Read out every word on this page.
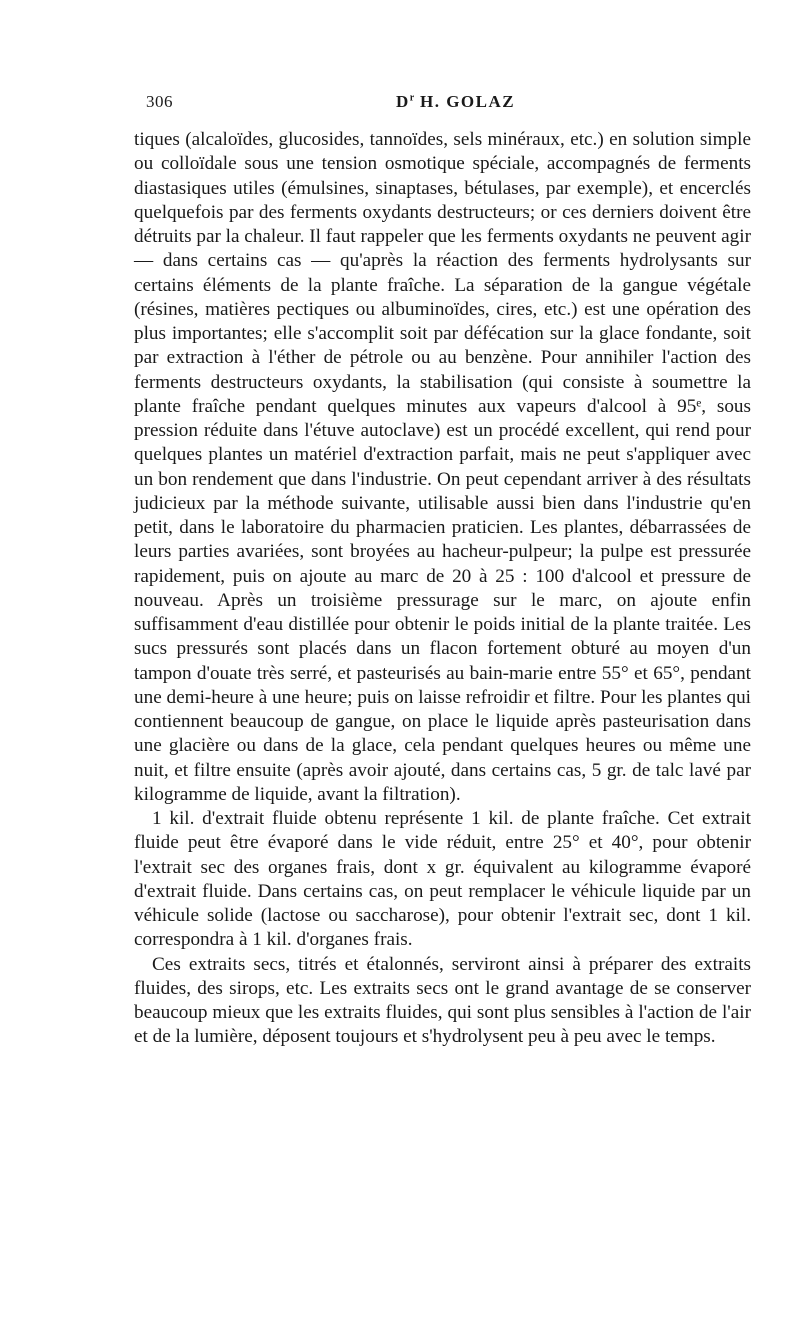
306	$D^r$ H. GOLAZ

tiques (alcaloïdes, glucosides, tannoïdes, sels minéraux, etc.) en solution simple ou colloïdale sous une tension osmotique spéciale, accompagnés de ferments diastasiques utiles (émulsines, sinaptases, bétulases, par exemple), et encerclés quelquefois par des ferments oxydants destructeurs; or ces derniers doivent être détruits par la chaleur. Il faut rappeler que les ferments oxydants ne peuvent agir — dans certains cas — qu'après la réaction des ferments hydrolysants sur certains éléments de la plante fraîche. La séparation de la gangue végétale (résines, matières pectiques ou albuminoïdes, cires, etc.) est une opération des plus importantes; elle s'accomplit soit par défécation sur la glace fondante, soit par extraction à l'éther de pétrole ou au benzène. Pour annihiler l'action des ferments destructeurs oxydants, la stabilisation (qui consiste à soumettre la plante fraîche pendant quelques minutes aux vapeurs d'alcool à 95ᵉ, sous pression réduite dans l'étuve autoclave) est un procédé excellent, qui rend pour quelques plantes un matériel d'extraction parfait, mais ne peut s'appliquer avec un bon rendement que dans l'industrie. On peut cependant arriver à des résultats judicieux par la méthode suivante, utilisable aussi bien dans l'industrie qu'en petit, dans le laboratoire du pharmacien praticien. Les plantes, débarrassées de leurs parties avariées, sont broyées au hacheur-pulpeur; la pulpe est pressurée rapidement, puis on ajoute au marc de 20 à 25 : 100 d'alcool et pressure de nouveau. Après un troisième pressurage sur le marc, on ajoute enfin suffisamment d'eau distillée pour obtenir le poids initial de la plante traitée. Les sucs pressurés sont placés dans un flacon fortement obturé au moyen d'un tampon d'ouate très serré, et pasteurisés au bain-marie entre 55° et 65°, pendant une demi-heure à une heure; puis on laisse refroidir et filtre. Pour les plantes qui contiennent beaucoup de gangue, on place le liquide après pasteurisation dans une glacière ou dans de la glace, cela pendant quelques heures ou même une nuit, et filtre ensuite (après avoir ajouté, dans certains cas, 5 gr. de talc lavé par kilogramme de liquide, avant la filtration).

1 kil. d'extrait fluide obtenu représente 1 kil. de plante fraîche. Cet extrait fluide peut être évaporé dans le vide réduit, entre 25° et 40°, pour obtenir l'extrait sec des organes frais, dont x gr. équivalent au kilogramme évaporé d'extrait fluide. Dans certains cas, on peut remplacer le véhicule liquide par un véhicule solide (lactose ou saccharose), pour obtenir l'extrait sec, dont 1 kil. correspondra à 1 kil. d'organes frais.

Ces extraits secs, titrés et étalonnés, serviront ainsi à préparer des extraits fluides, des sirops, etc. Les extraits secs ont le grand avantage de se conserver beaucoup mieux que les extraits fluides, qui sont plus sensibles à l'action de l'air et de la lumière, déposent toujours et s'hydrolysent peu à peu avec le temps.
